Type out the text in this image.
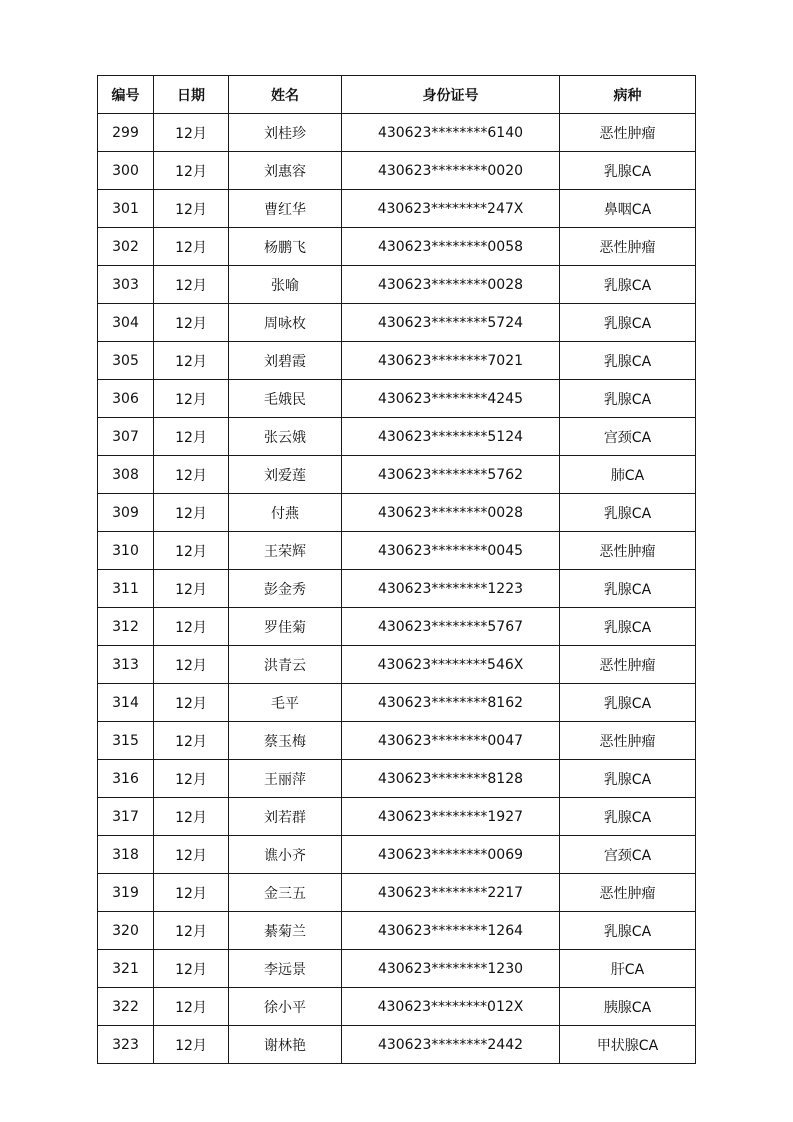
编号	日期	姓名	身份证号	病种
299	12月	刘桂珍	430623********6140	恶性肿瘤
300	12月	刘惠容	430623********0020	乳腺CA
301	12月	曹红华	430623********247X	鼻咽CA
302	12月	杨鹏飞	430623********0058	恶性肿瘤
303	12月	张喻	430623********0028	乳腺CA
304	12月	周咏枚	430623********5724	乳腺CA
305	12月	刘碧霞	430623********7021	乳腺CA
306	12月	毛娥民	430623********4245	乳腺CA
307	12月	张云娥	430623********5124	宫颈CA
308	12月	刘爱莲	430623********5762	肺CA
309	12月	付燕	430623********0028	乳腺CA
310	12月	王荣辉	430623********0045	恶性肿瘤
311	12月	彭金秀	430623********1223	乳腺CA
312	12月	罗佳菊	430623********5767	乳腺CA
313	12月	洪青云	430623********546X	恶性肿瘤
314	12月	毛平	430623********8162	乳腺CA
315	12月	蔡玉梅	430623********0047	恶性肿瘤
316	12月	王丽萍	430623********8128	乳腺CA
317	12月	刘若群	430623********1927	乳腺CA
318	12月	谯小齐	430623********0069	宫颈CA
319	12月	金三五	430623********2217	恶性肿瘤
320	12月	綦菊兰	430623********1264	乳腺CA
321	12月	李远景	430623********1230	肝CA
322	12月	徐小平	430623********012X	胰腺CA
323	12月	谢林艳	430623********2442	甲状腺CA
